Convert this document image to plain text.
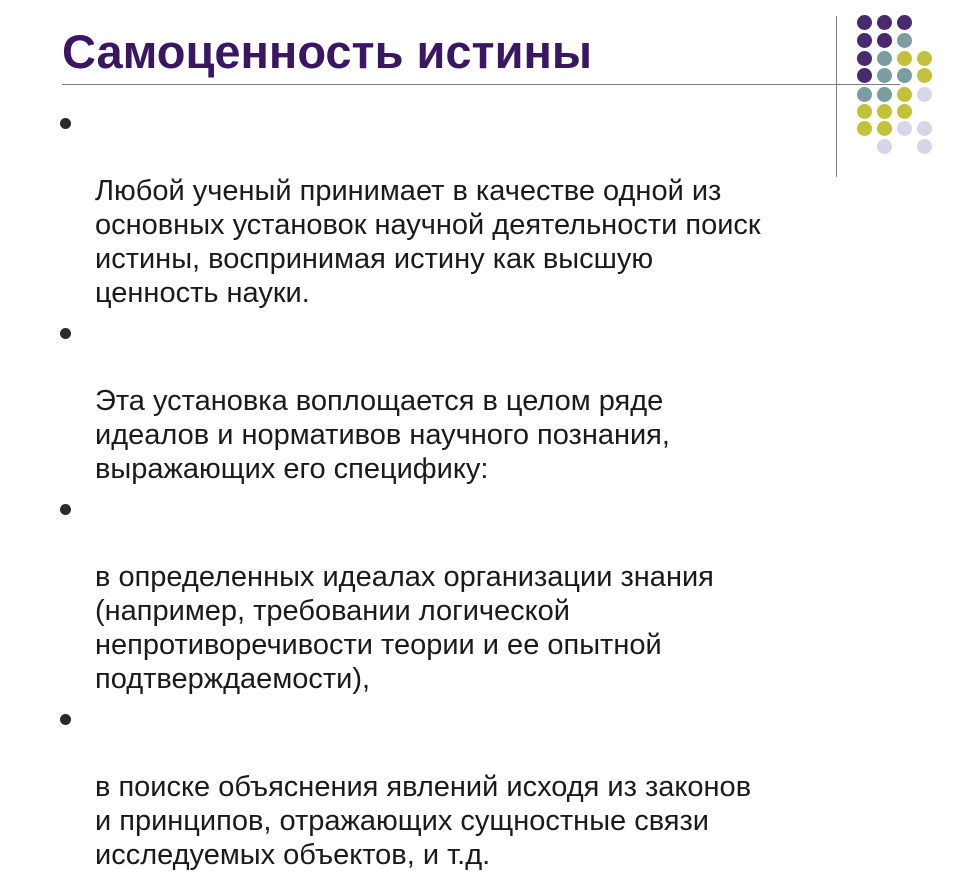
Самоценность истины

Любой ученый принимает в качестве одной из
основных установок научной деятельности поиск
истины, воспринимая истину как высшую
ценность науки.

Эта установка воплощается в целом ряде
идеалов и нормативов научного познания,
выражающих его специфику:

в определенных идеалах организации знания
(например, требовании логической
непротиворечивости теории и ее опытной
подтверждаемости),

в поиске объяснения явлений исходя из законов
и принципов, отражающих сущностные связи
исследуемых объектов, и т.д.
